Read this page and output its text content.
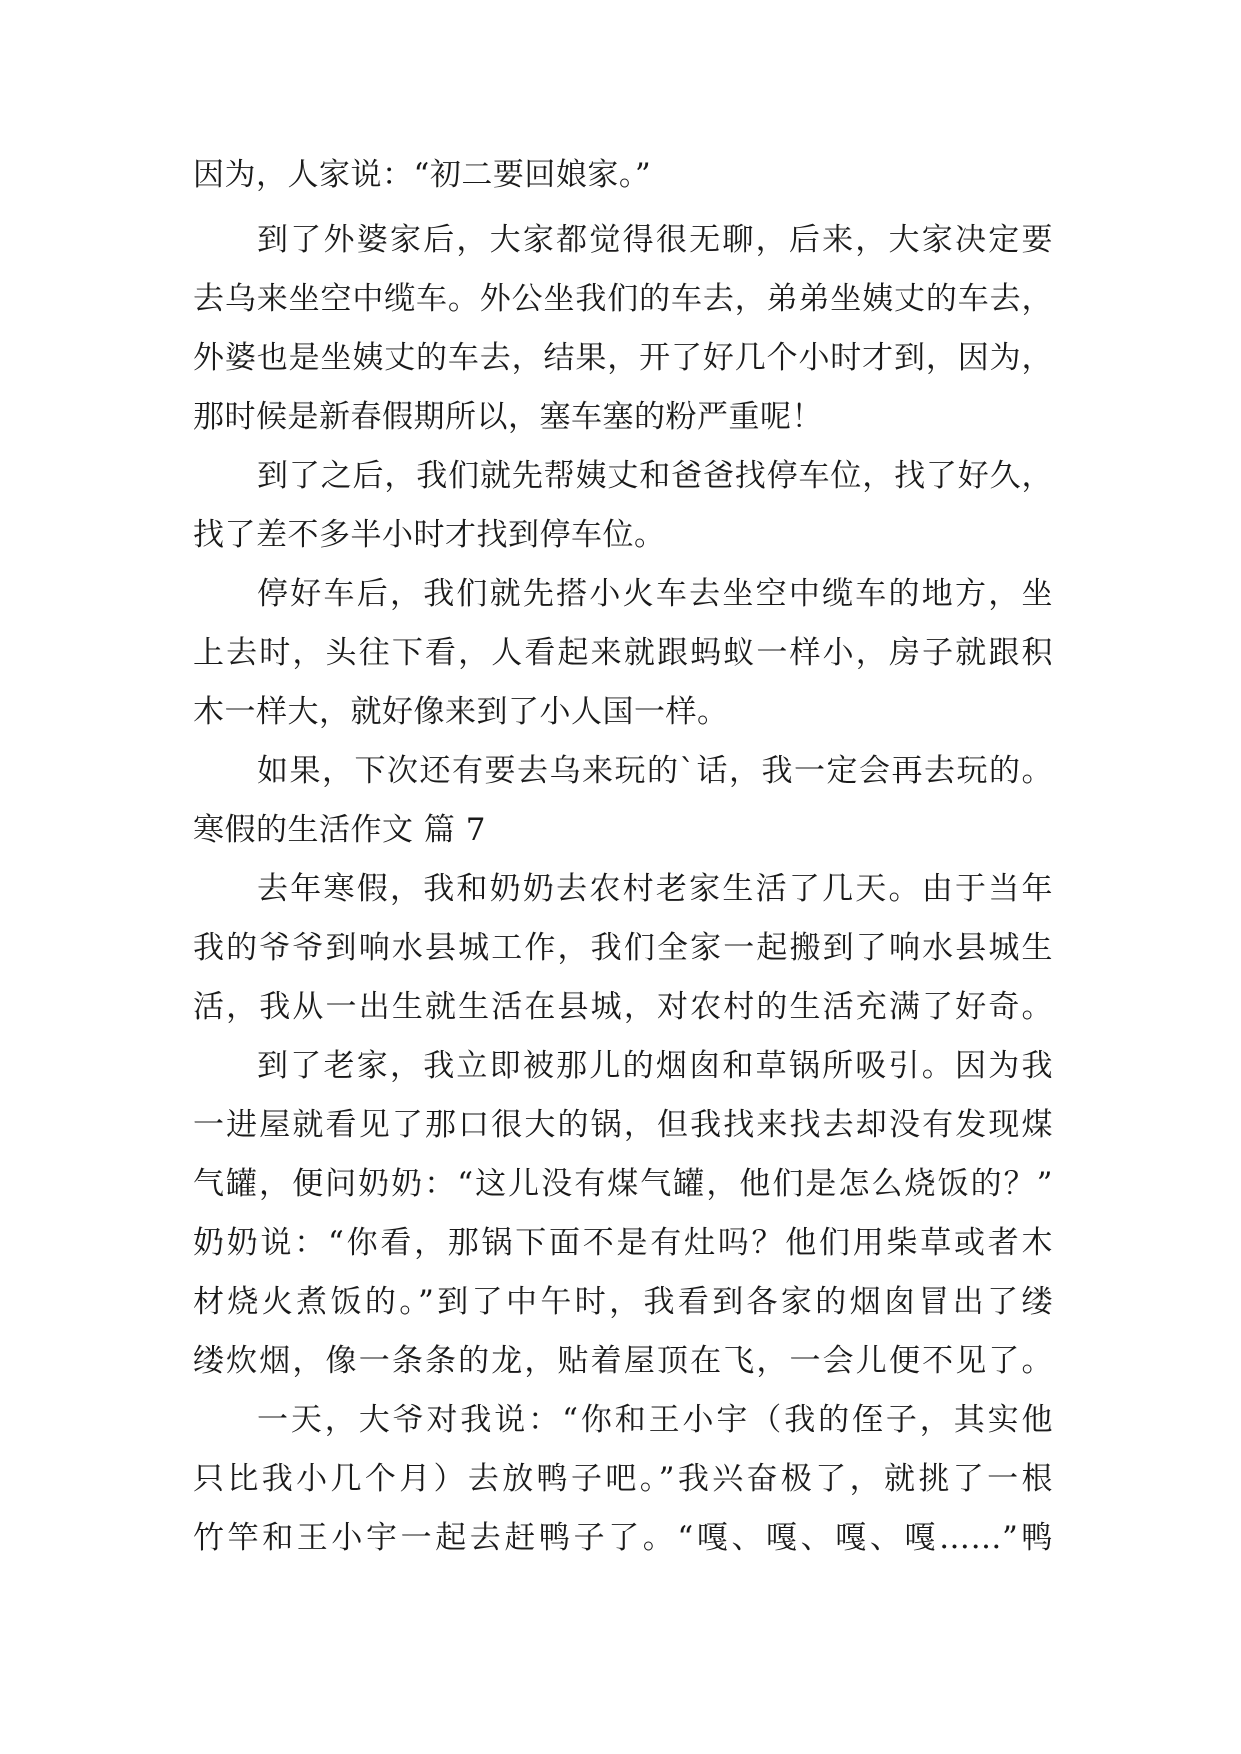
因为，人家说：“初二要回娘家。”
到了外婆家后，大家都觉得很无聊，后来，大家决定要
去乌来坐空中缆车。外公坐我们的车去，弟弟坐姨丈的车去，
外婆也是坐姨丈的车去，结果，开了好几个小时才到，因为，
那时候是新春假期所以，塞车塞的粉严重呢！
到了之后，我们就先帮姨丈和爸爸找停车位，找了好久，
找了差不多半小时才找到停车位。
停好车后，我们就先搭小火车去坐空中缆车的地方，坐
上去时，头往下看，人看起来就跟蚂蚁一样小，房子就跟积
木一样大，就好像来到了小人国一样。
如果，下次还有要去乌来玩的`话，我一定会再去玩的。
寒假的生活作文 篇 7
去年寒假，我和奶奶去农村老家生活了几天。由于当年
我的爷爷到响水县城工作，我们全家一起搬到了响水县城生
活，我从一出生就生活在县城，对农村的生活充满了好奇。
到了老家，我立即被那儿的烟囱和草锅所吸引。因为我
一进屋就看见了那口很大的锅，但我找来找去却没有发现煤
气罐，便问奶奶：“这儿没有煤气罐，他们是怎么烧饭的？”
奶奶说：“你看，那锅下面不是有灶吗？他们用柴草或者木
材烧火煮饭的。”到了中午时，我看到各家的烟囱冒出了缕
缕炊烟，像一条条的龙，贴着屋顶在飞，一会儿便不见了。
一天，大爷对我说：“你和王小宇（我的侄子，其实他
只比我小几个月）去放鸭子吧。”我兴奋极了，就挑了一根
竹竿和王小宇一起去赶鸭子了。“嘎、嘎、嘎、嘎……”鸭
